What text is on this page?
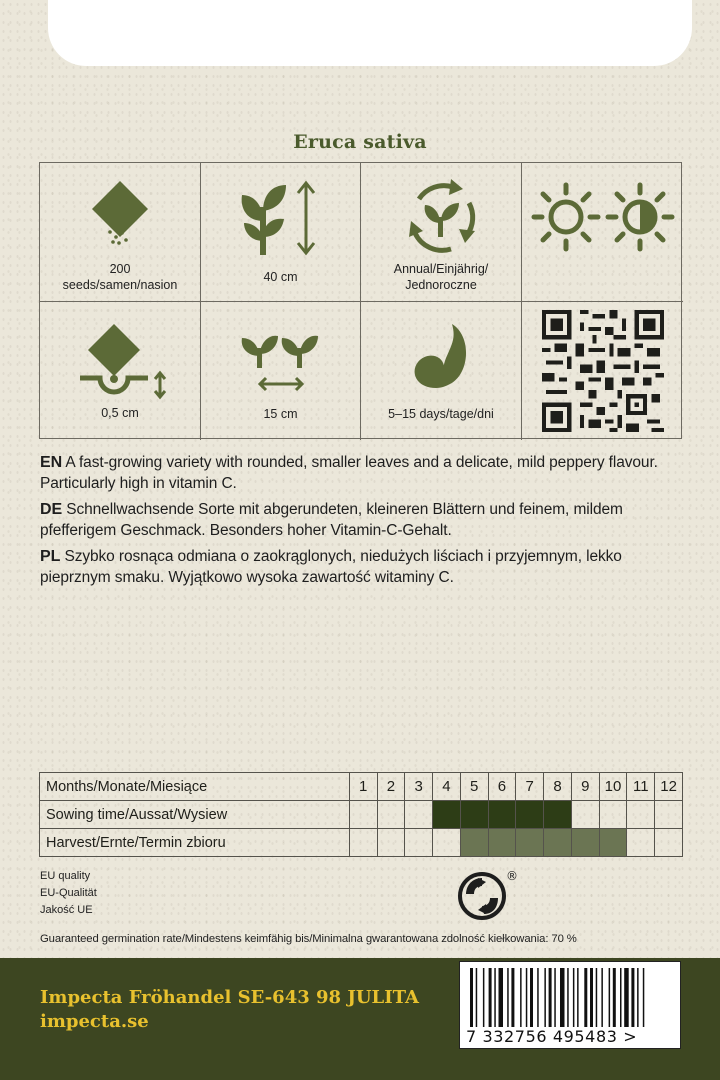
Eruca sativa
200
seeds/samen/nasion
40 cm
Annual/Einjährig/
Jednoroczne
0,5 cm	15 cm	5–15 days/tage/dni

EN A fast-growing variety with rounded, smaller leaves and a delicate, mild peppery flavour. Particularly high in vitamin C.

DE Schnellwachsende Sorte mit abgerundeten, kleineren Blättern und feinem, mildem pfefferigem Geschmack. Besonders hoher Vitamin-C-Gehalt.

PL Szybko rosnąca odmiana o zaokrąglonych, niedużych liściach i przyjemnym, lekko pieprznym smaku. Wyjątkowo wysoka zawartość witaminy C.

Months/Monate/Miesiące	1	2	3	4	5	6	7	8	9	10	11	12
Sowing time/Aussat/Wysiew												
Harvest/Ernte/Termin zbioru												
EU quality
EU-Qualität
Jakość UE
®
Guaranteed germination rate/Mindestens keimfähig bis/Minimalna gwarantowana zdolność kiełkowania: 70 %
Impecta Fröhandel SE-643 98 JULITA
impecta.se
7 332756 495483 >
